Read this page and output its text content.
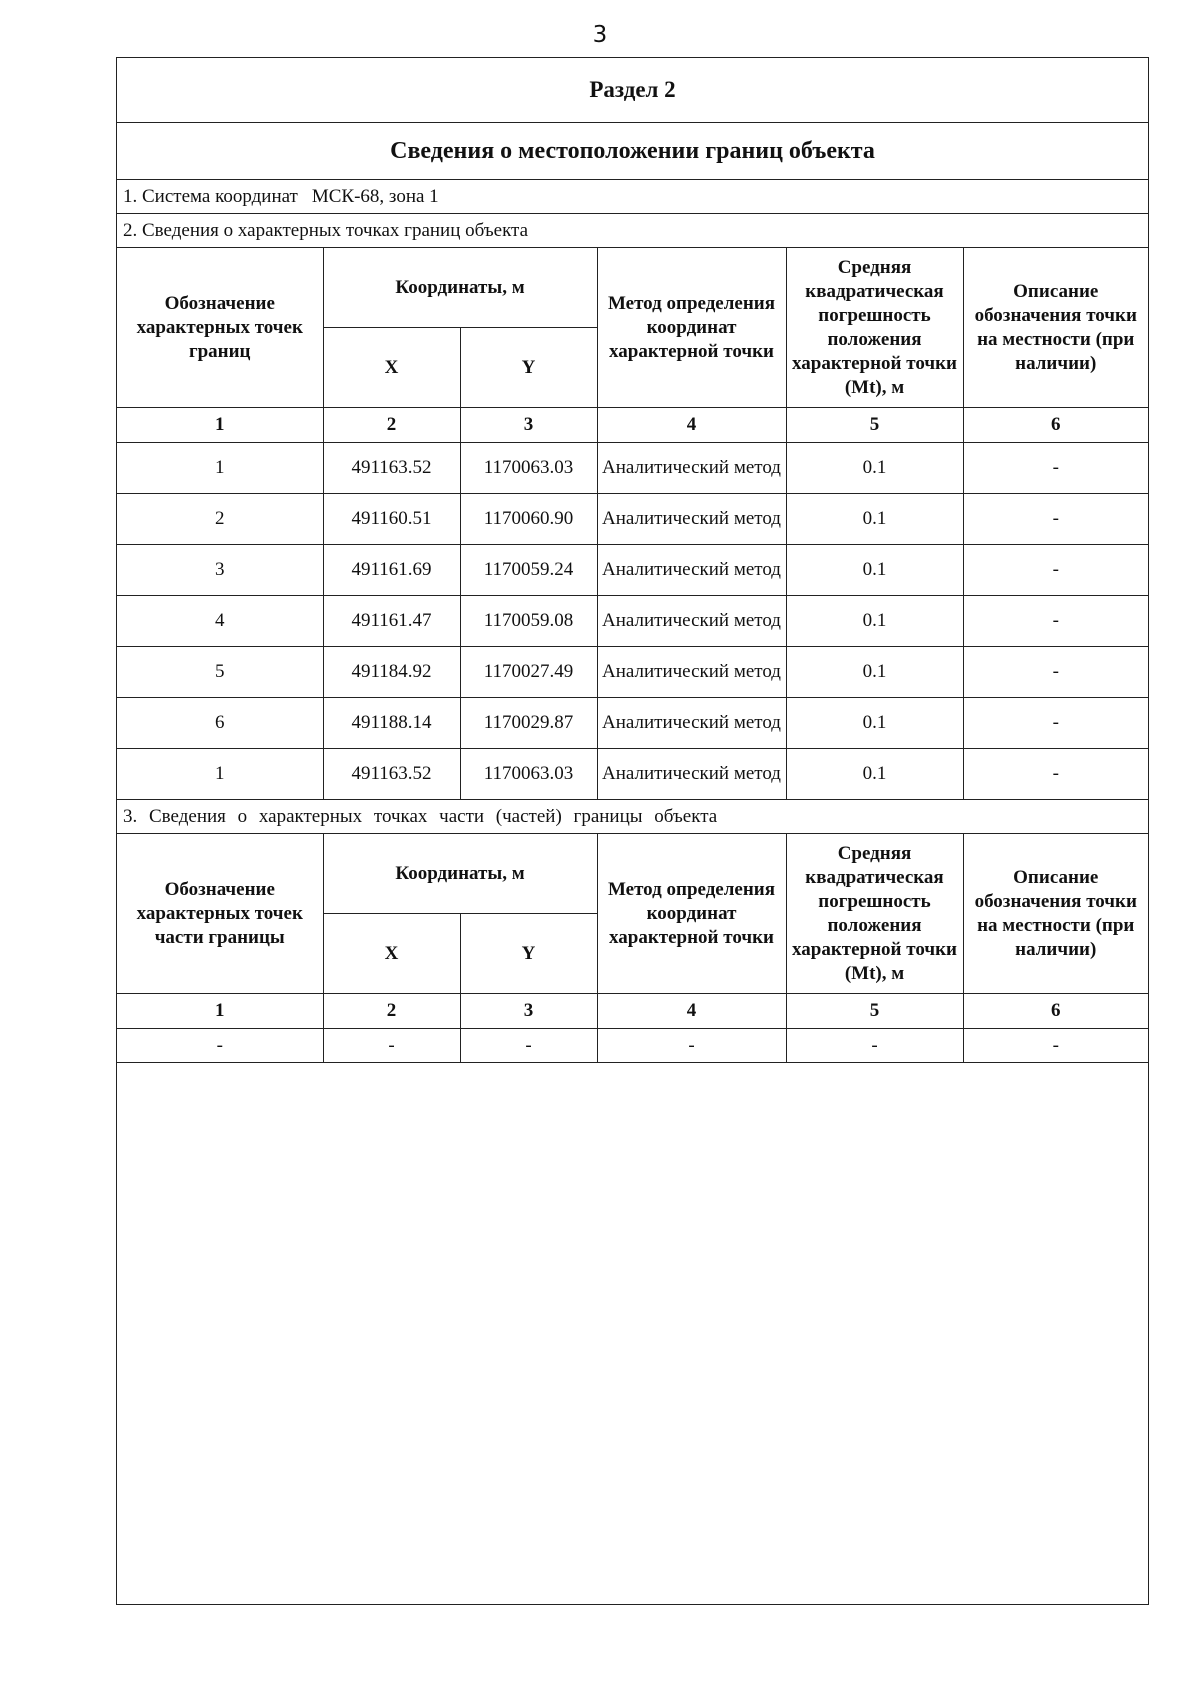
3
Раздел 2
Сведения о местоположении границ объекта
1. Система координат МСК-68, зона 1
2. Сведения о характерных точках границ объекта
Обозначение характерных точек границ	Координаты, м		Метод определения координат характерной точки	Средняя квадратическая погрешность положения характерной точки (Mt), м	Описание обозначения точки на местности (при наличии)
	X	Y			
1	2	3	4	5	6
1	491163.52	1170063.03	Аналитический метод	0.1	-
2	491160.51	1170060.90	Аналитический метод	0.1	-
3	491161.69	1170059.24	Аналитический метод	0.1	-
4	491161.47	1170059.08	Аналитический метод	0.1	-
5	491184.92	1170027.49	Аналитический метод	0.1	-
6	491188.14	1170029.87	Аналитический метод	0.1	-
1	491163.52	1170063.03	Аналитический метод	0.1	-
3. Сведения о характерных точках части (частей) границы объекта
Обозначение характерных точек части границы	Координаты, м		Метод определения координат характерной точки	Средняя квадратическая погрешность положения характерной точки (Mt), м	Описание обозначения точки на местности (при наличии)
	X	Y			
1	2	3	4	5	6
-	-	-	-	-	-
